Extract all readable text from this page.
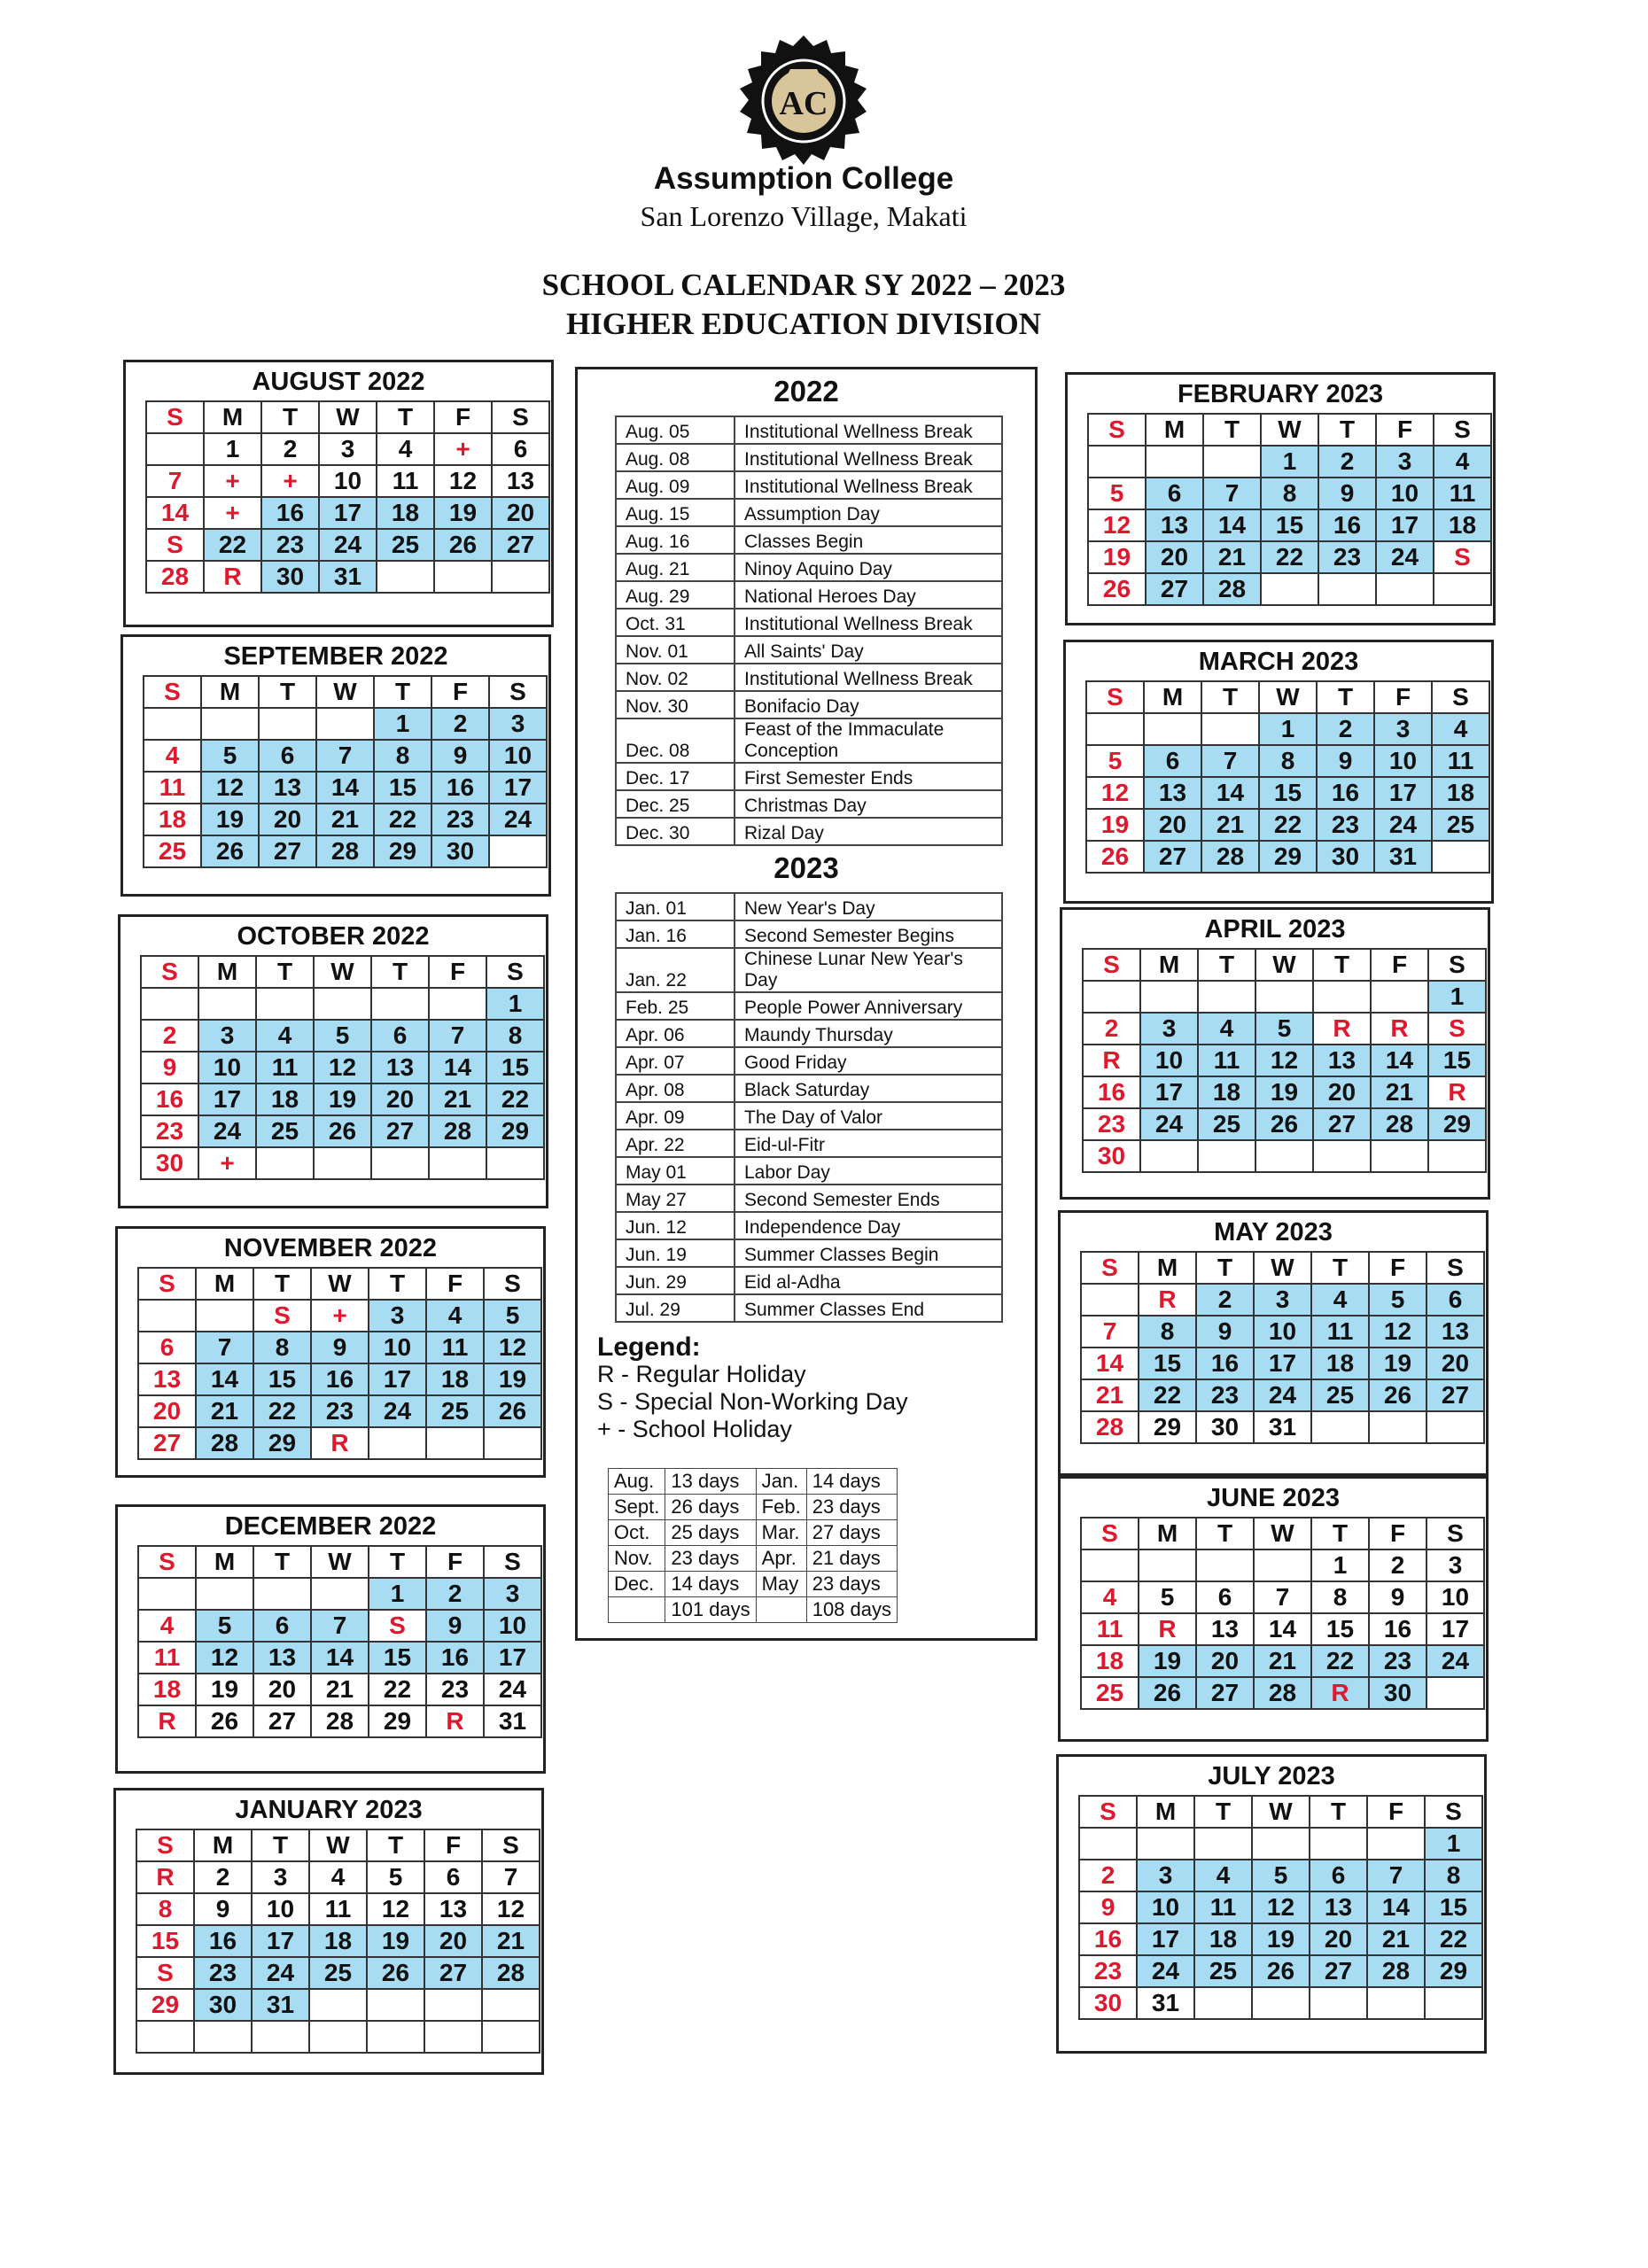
AC
Assumption College
San Lorenzo Village, Makati
SCHOOL CALENDAR SY 2022 – 2023
HIGHER EDUCATION DIVISION
AUGUST 2022
S	M	T	W	T	F	S
	1	2	3	4	+	6
7	+	+	10	11	12	13
14	+	16	17	18	19	20
S	22	23	24	25	26	27
28	R	30	31			
SEPTEMBER 2022
S	M	T	W	T	F	S
				1	2	3
4	5	6	7	8	9	10
11	12	13	14	15	16	17
18	19	20	21	22	23	24
25	26	27	28	29	30	
OCTOBER 2022
S	M	T	W	T	F	S
						1
2	3	4	5	6	7	8
9	10	11	12	13	14	15
16	17	18	19	20	21	22
23	24	25	26	27	28	29
30	+					
NOVEMBER 2022
S	M	T	W	T	F	S
		S	+	3	4	5
6	7	8	9	10	11	12
13	14	15	16	17	18	19
20	21	22	23	24	25	26
27	28	29	R			
DECEMBER 2022
S	M	T	W	T	F	S
				1	2	3
4	5	6	7	S	9	10
11	12	13	14	15	16	17
18	19	20	21	22	23	24
R	26	27	28	29	R	31
JANUARY 2023
S	M	T	W	T	F	S
R	2	3	4	5	6	7
8	9	10	11	12	13	12
15	16	17	18	19	20	21
S	23	24	25	26	27	28
29	30	31				

FEBRUARY 2023
S	M	T	W	T	F	S
			1	2	3	4
5	6	7	8	9	10	11
12	13	14	15	16	17	18
19	20	21	22	23	24	S
26	27	28				
MARCH 2023
S	M	T	W	T	F	S
			1	2	3	4
5	6	7	8	9	10	11
12	13	14	15	16	17	18
19	20	21	22	23	24	25
26	27	28	29	30	31	
APRIL 2023
S	M	T	W	T	F	S
						1
2	3	4	5	R	R	S
R	10	11	12	13	14	15
16	17	18	19	20	21	R
23	24	25	26	27	28	29
30						
MAY 2023
S	M	T	W	T	F	S
	R	2	3	4	5	6
7	8	9	10	11	12	13
14	15	16	17	18	19	20
21	22	23	24	25	26	27
28	29	30	31			
JUNE 2023
S	M	T	W	T	F	S
				1	2	3
4	5	6	7	8	9	10
11	R	13	14	15	16	17
18	19	20	21	22	23	24
25	26	27	28	R	30	
JULY 2023
S	M	T	W	T	F	S
						1
2	3	4	5	6	7	8
9	10	11	12	13	14	15
16	17	18	19	20	21	22
23	24	25	26	27	28	29
30	31					
2022
Aug. 05	Institutional Wellness Break
Aug. 08	Institutional Wellness Break
Aug. 09	Institutional Wellness Break
Aug. 15	Assumption Day
Aug. 16	Classes Begin
Aug. 21	Ninoy Aquino Day
Aug. 29	National Heroes Day
Oct. 31	Institutional Wellness Break
Nov. 01	All Saints' Day
Nov. 02	Institutional Wellness Break
Nov. 30	Bonifacio Day
Dec. 08	Feast of the Immaculate Conception
Dec. 17	First Semester Ends
Dec. 25	Christmas Day
Dec. 30	Rizal Day
2023
Jan. 01	New Year's Day
Jan. 16	Second Semester Begins
Jan. 22	Chinese Lunar New Year's Day
Feb. 25	People Power Anniversary
Apr. 06	Maundy Thursday
Apr. 07	Good Friday
Apr. 08	Black Saturday
Apr. 09	The Day of Valor
Apr. 22	Eid-ul-Fitr
May 01	Labor Day
May 27	Second Semester Ends
Jun. 12	Independence Day
Jun. 19	Summer Classes Begin
Jun. 29	Eid al-Adha
Jul. 29	Summer Classes End
Legend:
R - Regular Holiday
S - Special Non-Working Day
+ - School Holiday
Aug.	13 days	Jan.	14 days
Sept.	26 days	Feb.	23 days
Oct.	25 days	Mar.	27 days
Nov.	23 days	Apr.	21 days
Dec.	14 days	May	23 days
	101 days		108 days
